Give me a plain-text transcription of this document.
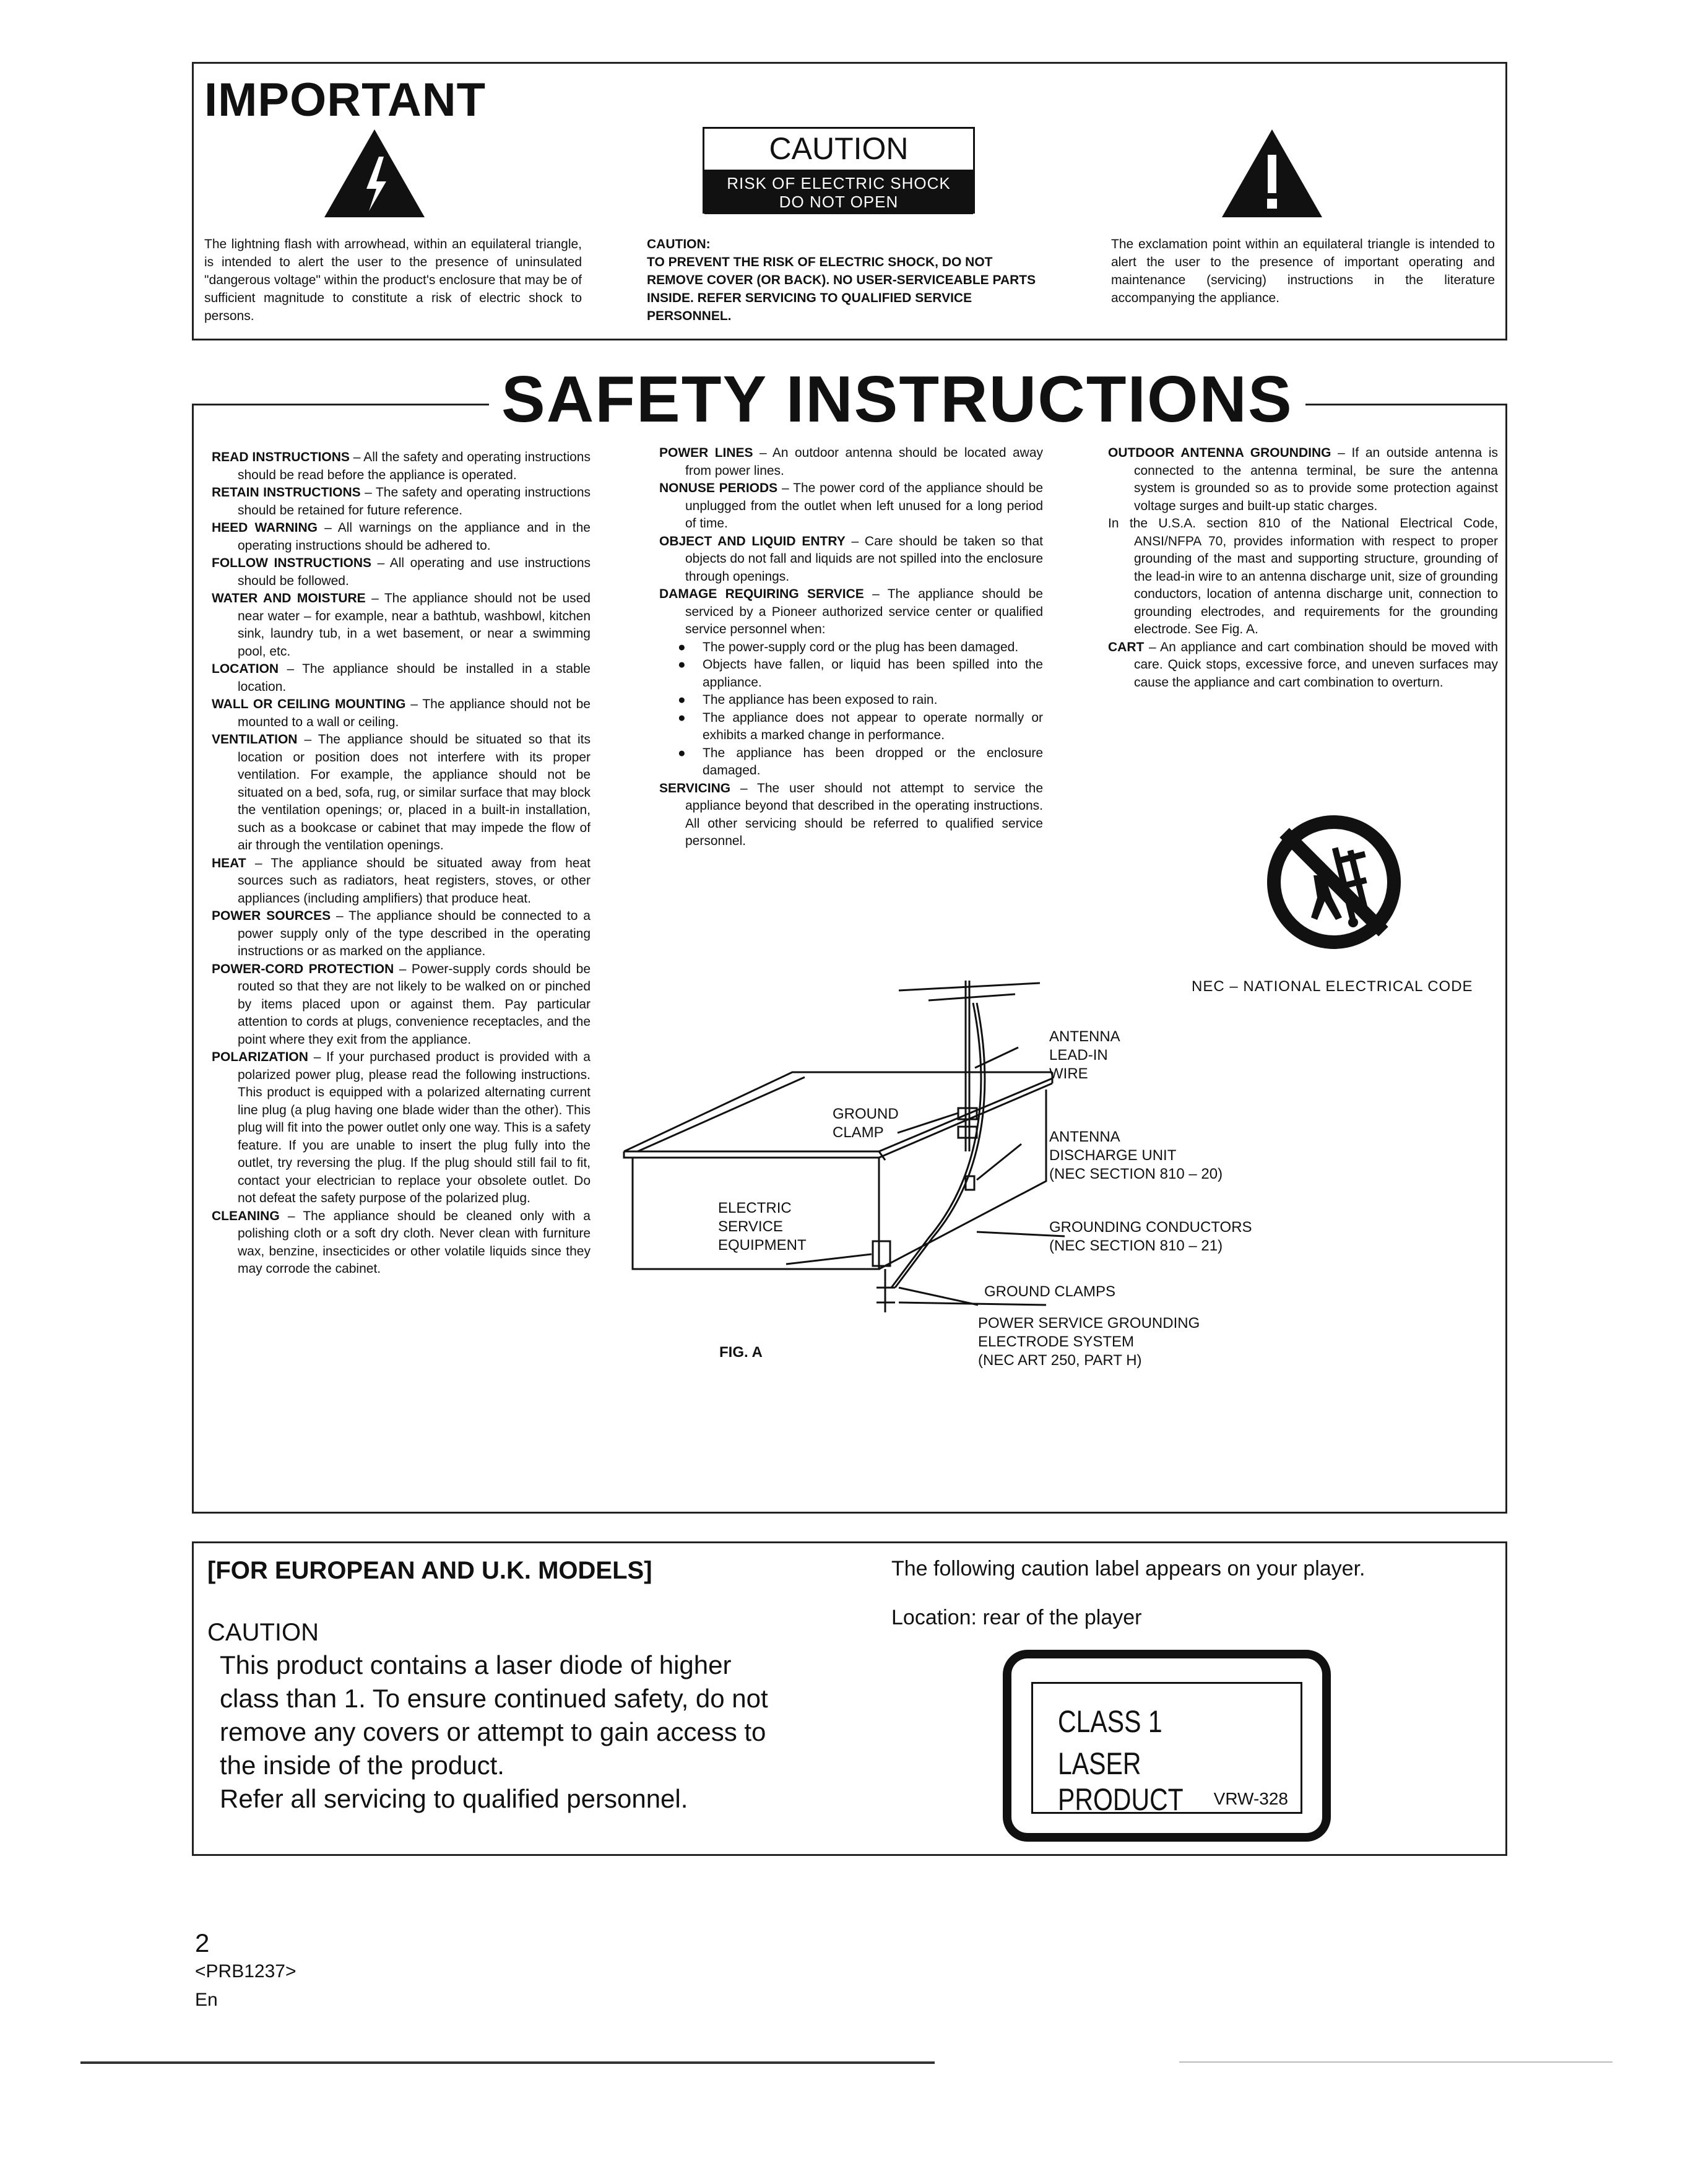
IMPORTANT
CAUTION
RISK OF ELECTRIC SHOCK
DO NOT OPEN
The lightning flash with arrowhead, within an equilateral triangle, is intended to alert the user to the presence of uninsulated "dangerous voltage" within the product's enclosure that may be of sufficient magnitude to constitute a risk of electric shock to persons.
CAUTION:
TO PREVENT THE RISK OF ELECTRIC SHOCK, DO NOT REMOVE COVER (OR BACK). NO USER-SERVICEABLE PARTS INSIDE. REFER SERVICING TO QUALIFIED SERVICE PERSONNEL.
The exclamation point within an equilateral triangle is intended to alert the user to the presence of important operating and maintenance (servicing) instructions in the literature accompanying the appliance.
SAFETY INSTRUCTIONS

READ INSTRUCTIONS – All the safety and operating instructions should be read before the appliance is operated.

RETAIN INSTRUCTIONS – The safety and operating instructions should be retained for future reference.

HEED WARNING – All warnings on the appliance and in the operating instructions should be adhered to.

FOLLOW INSTRUCTIONS – All operating and use instructions should be followed.

WATER AND MOISTURE – The appliance should not be used near water – for example, near a bathtub, washbowl, kitchen sink, laundry tub, in a wet basement, or near a swimming pool, etc.

LOCATION – The appliance should be installed in a stable location.

WALL OR CEILING MOUNTING – The appliance should not be mounted to a wall or ceiling.

VENTILATION – The appliance should be situated so that its location or position does not interfere with its proper ventilation. For example, the appliance should not be situated on a bed, sofa, rug, or similar surface that may block the ventilation openings; or, placed in a built-in installation, such as a bookcase or cabinet that may impede the flow of air through the ventilation openings.

HEAT – The appliance should be situated away from heat sources such as radiators, heat registers, stoves, or other appliances (including amplifiers) that produce heat.

POWER SOURCES – The appliance should be connected to a power supply only of the type described in the operating instructions or as marked on the appliance.

POWER-CORD PROTECTION – Power-supply cords should be routed so that they are not likely to be walked on or pinched by items placed upon or against them. Pay particular attention to cords at plugs, convenience receptacles, and the point where they exit from the appliance.

POLARIZATION – If your purchased product is provided with a polarized power plug, please read the following instructions. This product is equipped with a polarized alternating current line plug (a plug having one blade wider than the other). This plug will fit into the power outlet only one way. This is a safety feature. If you are unable to insert the plug fully into the outlet, try reversing the plug. If the plug should still fail to fit, contact your electrician to replace your obsolete outlet. Do not defeat the safety purpose of the polarized plug.

CLEANING – The appliance should be cleaned only with a polishing cloth or a soft dry cloth. Never clean with furniture wax, benzine, insecticides or other volatile liquids since they may corrode the cabinet.

POWER LINES – An outdoor antenna should be located away from power lines.

NONUSE PERIODS – The power cord of the appliance should be unplugged from the outlet when left unused for a long period of time.

OBJECT AND LIQUID ENTRY – Care should be taken so that objects do not fall and liquids are not spilled into the enclosure through openings.

DAMAGE REQUIRING SERVICE – The appliance should be serviced by a Pioneer authorized service center or qualified service personnel when:

● The power-supply cord or the plug has been damaged.

● Objects have fallen, or liquid has been spilled into the appliance.

● The appliance has been exposed to rain.

● The appliance does not appear to operate normally or exhibits a marked change in performance.

● The appliance has been dropped or the enclosure damaged.

SERVICING – The user should not attempt to service the appliance beyond that described in the operating instructions. All other servicing should be referred to qualified service personnel.

OUTDOOR ANTENNA GROUNDING – If an outside antenna is connected to the antenna terminal, be sure the antenna system is grounded so as to provide some protection against voltage surges and built-up static charges.

In the U.S.A. section 810 of the National Electrical Code, ANSI/NFPA 70, provides information with respect to proper grounding of the mast and supporting structure, grounding of the lead-in wire to an antenna discharge unit, size of grounding conductors, location of antenna discharge unit, connection to grounding electrodes, and requirements for the grounding electrode. See Fig. A.

CART – An appliance and cart combination should be moved with care. Quick stops, excessive force, and uneven surfaces may cause the appliance and cart combination to overturn.

NEC – NATIONAL ELECTRICAL CODE
ANTENNA
LEAD-IN
WIRE
GROUND
CLAMP	ANTENNA
DISCHARGE UNIT
(NEC SECTION 810 – 20)
ELECTRIC
SERVICE
EQUIPMENT
GROUNDING CONDUCTORS
(NEC SECTION 810 – 21)
GROUND CLAMPS
POWER SERVICE GROUNDING
ELECTRODE SYSTEM
(NEC ART 250, PART H)
FIG. A
[FOR EUROPEAN AND U.K. MODELS]
CAUTION
This product contains a laser diode of higher
class than 1. To ensure continued safety, do not
remove any covers or attempt to gain access to
the inside of the product.
Refer all servicing to qualified personnel.
The following caution label appears on your player.
Location: rear of the player
CLASS 1
LASER PRODUCT	VRW-328
2
<PRB1237>
En
